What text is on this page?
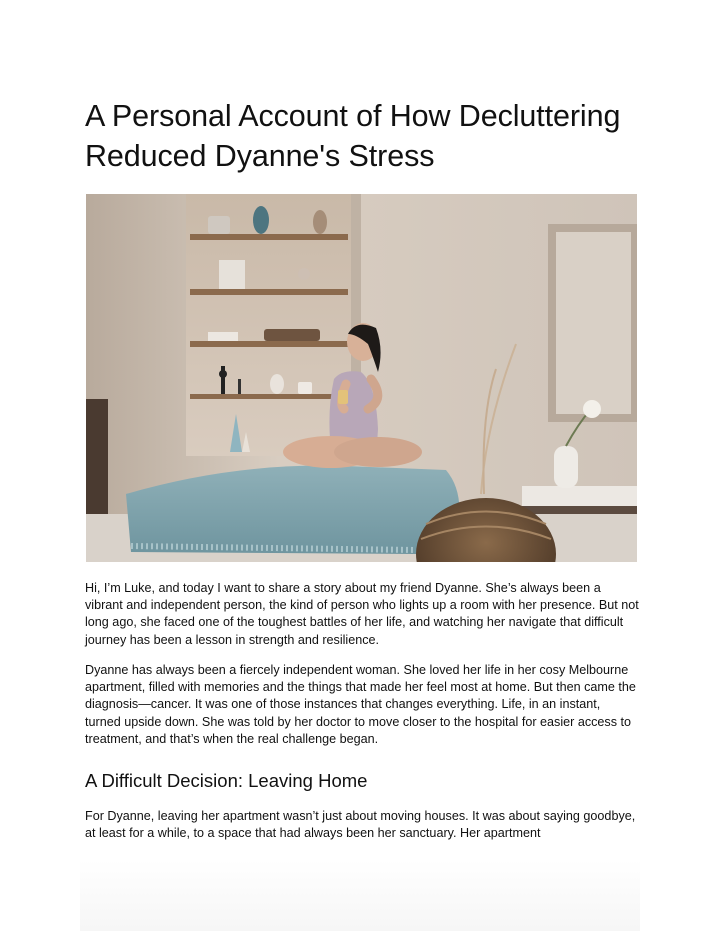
A Personal Account of How Decluttering Reduced Dyanne's Stress

Hi, I’m Luke, and today I want to share a story about my friend Dyanne. She’s always been a vibrant and independent person, the kind of person who lights up a room with her presence. But not long ago, she faced one of the toughest battles of her life, and watching her navigate that difficult journey has been a lesson in strength and resilience.

Dyanne has always been a fiercely independent woman. She loved her life in her cosy Melbourne apartment, filled with memories and the things that made her feel most at home. But then came the diagnosis—cancer. It was one of those instances that changes everything. Life, in an instant, turned upside down. She was told by her doctor to move closer to the hospital for easier access to treatment, and that’s when the real challenge began.

A Difficult Decision: Leaving Home

For Dyanne, leaving her apartment wasn’t just about moving houses. It was about saying goodbye, at least for a while, to a space that had always been her sanctuary. Her apartment
